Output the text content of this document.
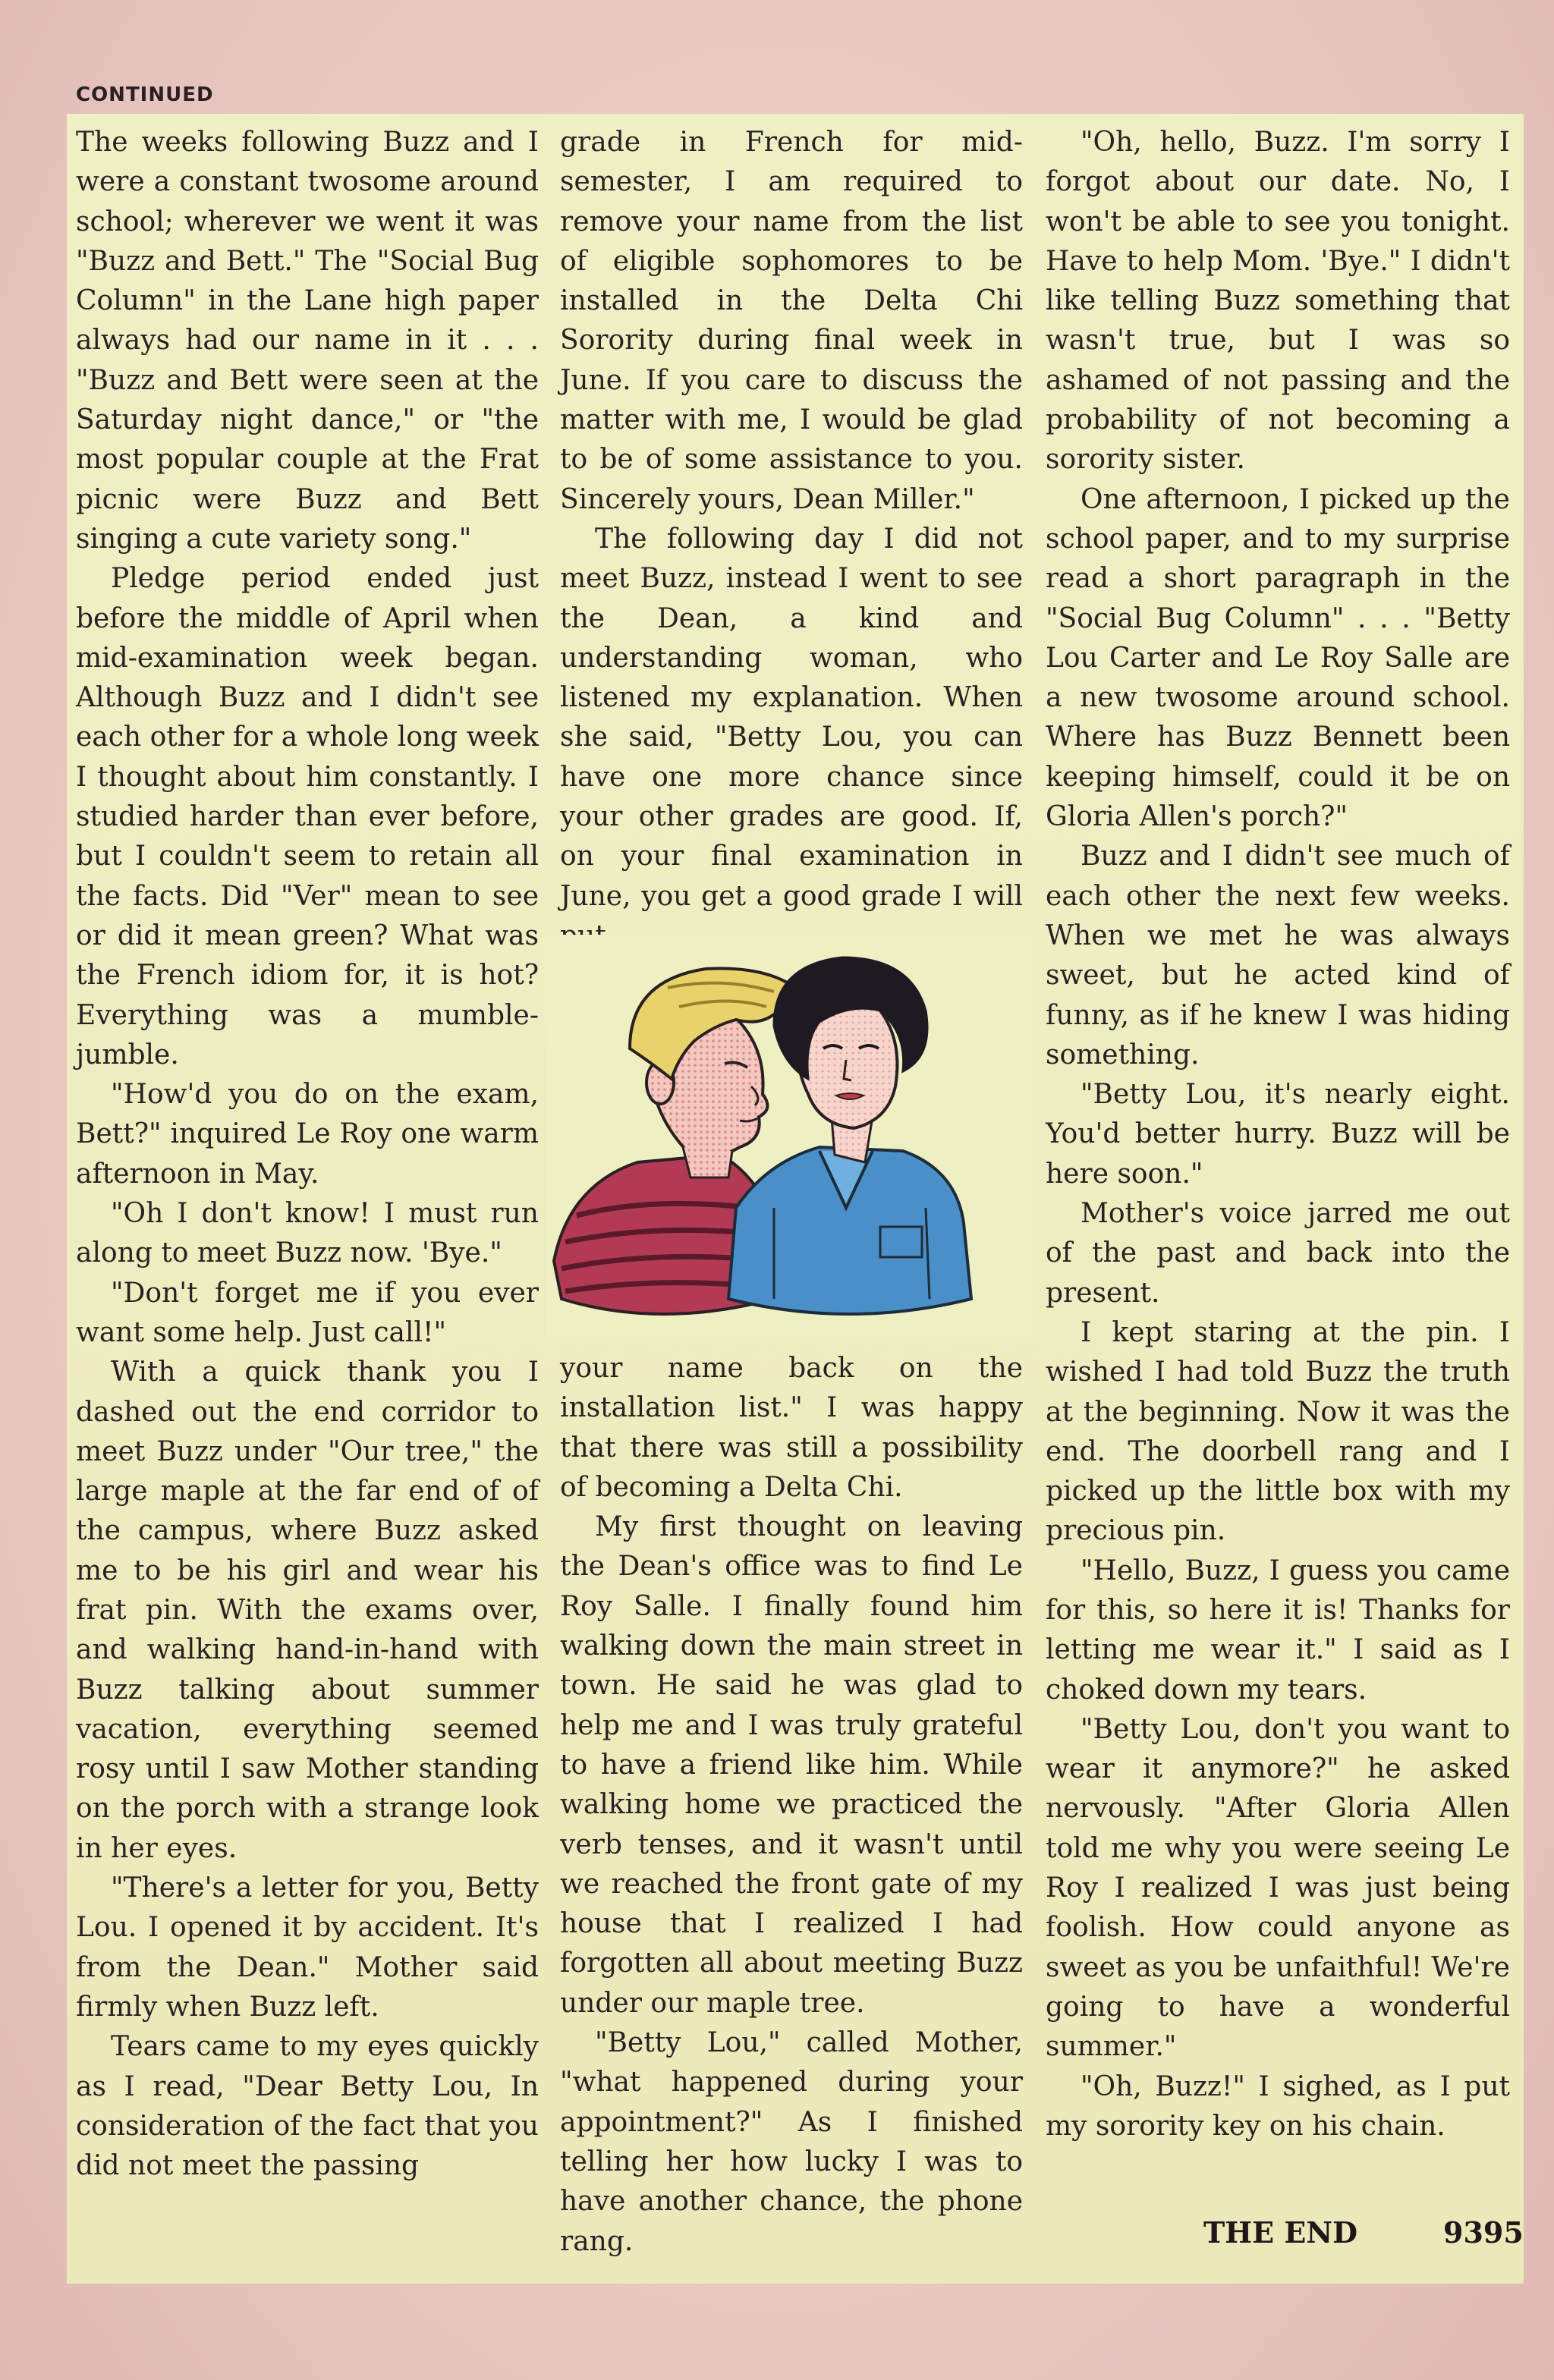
CONTINUED

The weeks following Buzz and I were a constant twosome around school; wherever we went it was "Buzz and Bett." The "Social Bug Column" in the Lane high paper always had our name in it . . . "Buzz and Bett were seen at the Saturday night dance," or "the most popular couple at the Frat picnic were Buzz and Bett singing a cute variety song."

Pledge period ended just before the middle of April when mid-examination week began. Although Buzz and I didn't see each other for a whole long week I thought about him constantly. I studied harder than ever before, but I couldn't seem to retain all the facts. Did "Ver" mean to see or did it mean green? What was the French idiom for, it is hot? Everything was a mumble-jumble.

"How'd you do on the exam, Bett?" inquired Le Roy one warm afternoon in May.

"Oh I don't know! I must run along to meet Buzz now. 'Bye."

"Don't forget me if you ever want some help. Just call!"

With a quick thank you I dashed out the end corridor to meet Buzz under "Our tree," the large maple at the far end of of the campus, where Buzz asked me to be his girl and wear his frat pin. With the exams over, and walking hand-in-hand with Buzz talking about summer vacation, everything seemed rosy until I saw Mother standing on the porch with a strange look in her eyes.

"There's a letter for you, Betty Lou. I opened it by accident. It's from the Dean." Mother said firmly when Buzz left.

Tears came to my eyes quickly as I read, "Dear Betty Lou, In consideration of the fact that you did not meet the passing

grade in French for mid-semester, I am required to remove your name from the list of eligible sophomores to be installed in the Delta Chi Sorority during final week in June. If you care to discuss the matter with me, I would be glad to be of some assistance to you. Sincerely yours, Dean Miller."

The following day I did not meet Buzz, instead I went to see the Dean, a kind and understanding woman, who listened my explanation. When she said, "Betty Lou, you can have one more chance since your other grades are good. If, on your final examination in June, you get a good grade I will

your name back on the installation list." I was happy that there was still a possibility of becoming a Delta Chi.

My first thought on leaving the Dean's office was to find Le Roy Salle. I finally found him walking down the main street in town. He said he was glad to help me and I was truly grateful to have a friend like him. While walking home we practiced the verb tenses, and it wasn't until we reached the front gate of my house that I realized I had forgotten all about meeting Buzz under our maple tree.

"Betty Lou," called Mother, "what happened during your appointment?" As I finished telling her how lucky I was to have another chance, the phone rang.

"Oh, hello, Buzz. I'm sorry I forgot about our date. No, I won't be able to see you tonight. Have to help Mom. 'Bye." I didn't like telling Buzz something that wasn't true, but I was so ashamed of not passing and the probability of not becoming a sorority sister.

One afternoon, I picked up the school paper, and to my surprise read a short paragraph in the "Social Bug Column" . . . "Betty Lou Carter and Le Roy Salle are a new twosome around school. Where has Buzz Bennett been keeping himself, could it be on Gloria Allen's porch?"

Buzz and I didn't see much of each other the next few weeks. When we met he was always sweet, but he acted kind of funny, as if he knew I was hiding something.

"Betty Lou, it's nearly eight. You'd better hurry. Buzz will be here soon."

Mother's voice jarred me out of the past and back into the present.

I kept staring at the pin. I wished I had told Buzz the truth at the beginning. Now it was the end. The doorbell rang and I picked up the little box with my precious pin.

"Hello, Buzz, I guess you came for this, so here it is! Thanks for letting me wear it." I said as I choked down my tears.

"Betty Lou, don't you want to wear it anymore?" he asked nervously. "After Gloria Allen told me why you were seeing Le Roy I realized I was just being foolish. How could anyone as sweet as you be unfaithful! We're going to have a wonderful summer."

"Oh, Buzz!" I sighed, as I put my sorority key on his chain.

THE END	9395
